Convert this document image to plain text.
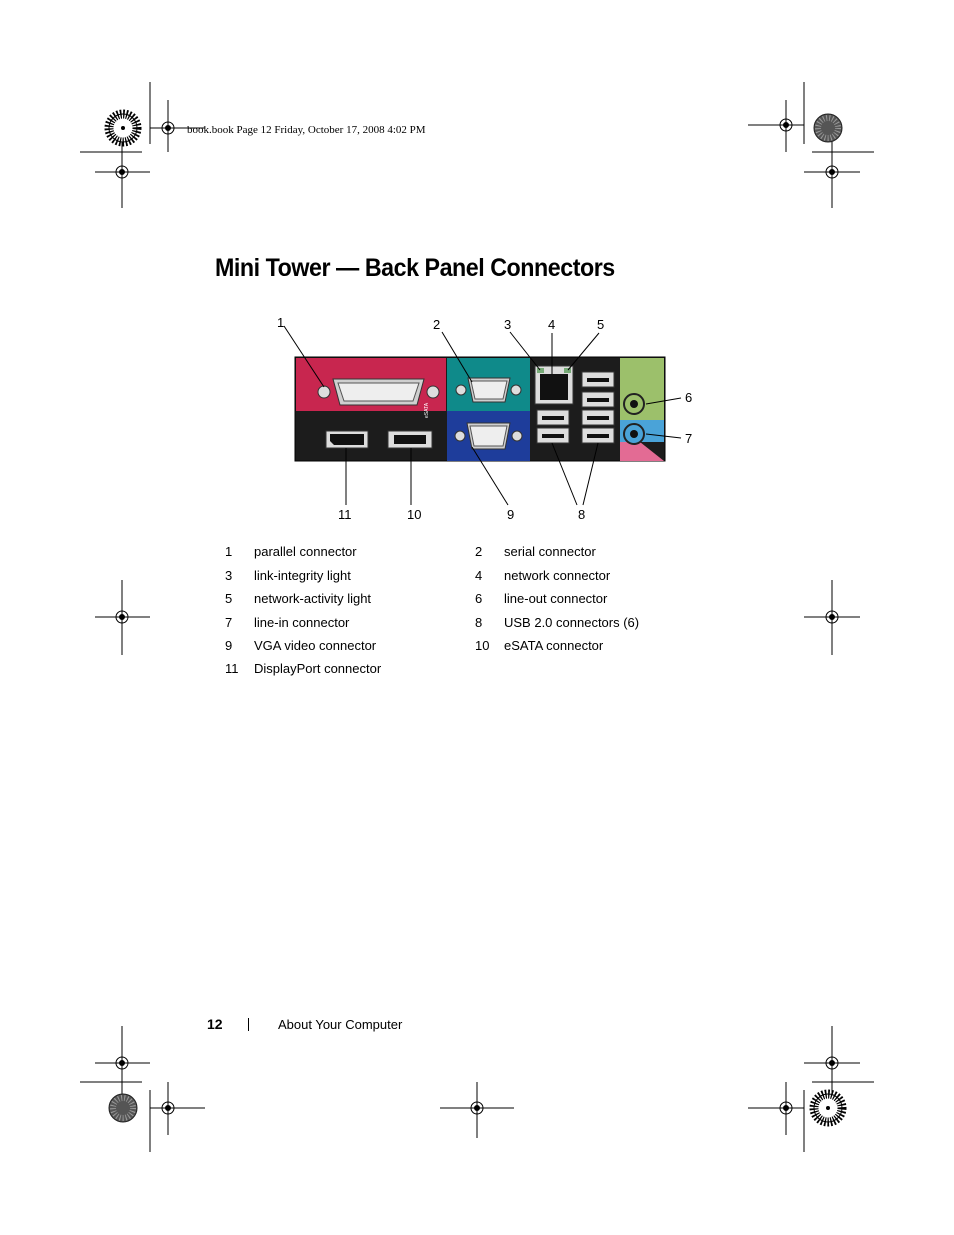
book.book Page 12 Friday, October 17, 2008 4:02 PM
Mini Tower — Back Panel Connectors
eSATA
1	2	3	4	5
6
7
8
9
10
11
1 parallel connector	2 serial connector
3 link-integrity light	4 network connector
5 network-activity light	6 line-out connector
7 line-in connector	8 USB 2.0 connectors (6)
9 VGA video connector	10 eSATA connector
11 DisplayPort connector
12	About Your Computer
